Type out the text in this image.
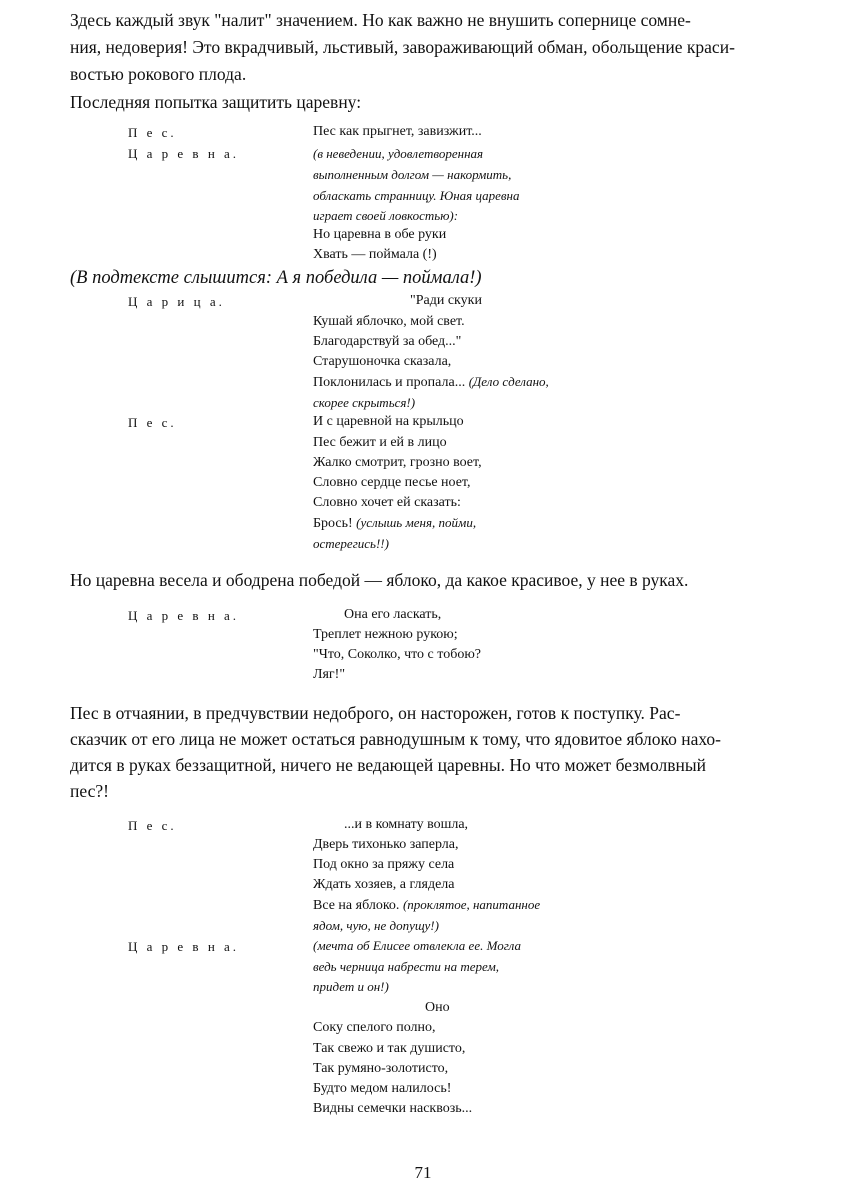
Здесь каждый звук "налит" значением. Но как важно не внушить сопернице сомне-
ния, недоверия! Это вкрадчивый, льстивый, завораживающий обман, обольщение краси-
востью рокового плода.
Последняя попытка защитить царевну:
П е с.	Пес как прыгнет, завизжит...
Ц а р е в н а.	(в неведении, удовлетворенная
выполненным долгом — накормить,
обласкать странницу. Юная царевна
играет своей ловкостью):
Но царевна в обе руки
Хвать — поймала (!)
(В подтексте слышится: А я победила — поймала!)
Ц а р и ц а.	"Ради скуки
Кушай яблочко, мой свет.
Благодарствуй за обед..."
Старушоночка сказала,
Поклонилась и пропала... (Дело сделано,
скорее скрыться!)
П е с.	И с царевной на крыльцо
Пес бежит и ей в лицо
Жалко смотрит, грозно воет,
Словно сердце песье ноет,
Словно хочет ей сказать:
Брось! (услышь меня, пойми,
остерегись!!)
Но царевна весела и ободрена победой — яблоко, да какое красивое, у нее в руках.
Ц а р е в н а.	Она его ласкать,
Треплет нежною рукою;
"Что, Соколко, что с тобою?
Ляг!"
Пес в отчаянии, в предчувствии недоброго, он насторожен, готов к поступку. Рас-
сказчик от его лица не может остаться равнодушным к тому, что ядовитое яблоко нахо-
дится в руках беззащитной, ничего не ведающей царевны. Но что может безмолвный
пес?!
П е с.	...и в комнату вошла,
Дверь тихонько заперла,
Под окно за пряжу села
Ждать хозяев, а глядела
Все на яблоко. (проклятое, напитанное
ядом, чую, не допущу!)
Ц а р е в н а.	(мечта об Елисее отвлекла ее. Могла
ведь черница набрести на терем,
придет и он!)
Оно
Соку спелого полно,
Так свежо и так душисто,
Так румяно-золотисто,
Будто медом налилось!
Видны семечки насквозь...
71
